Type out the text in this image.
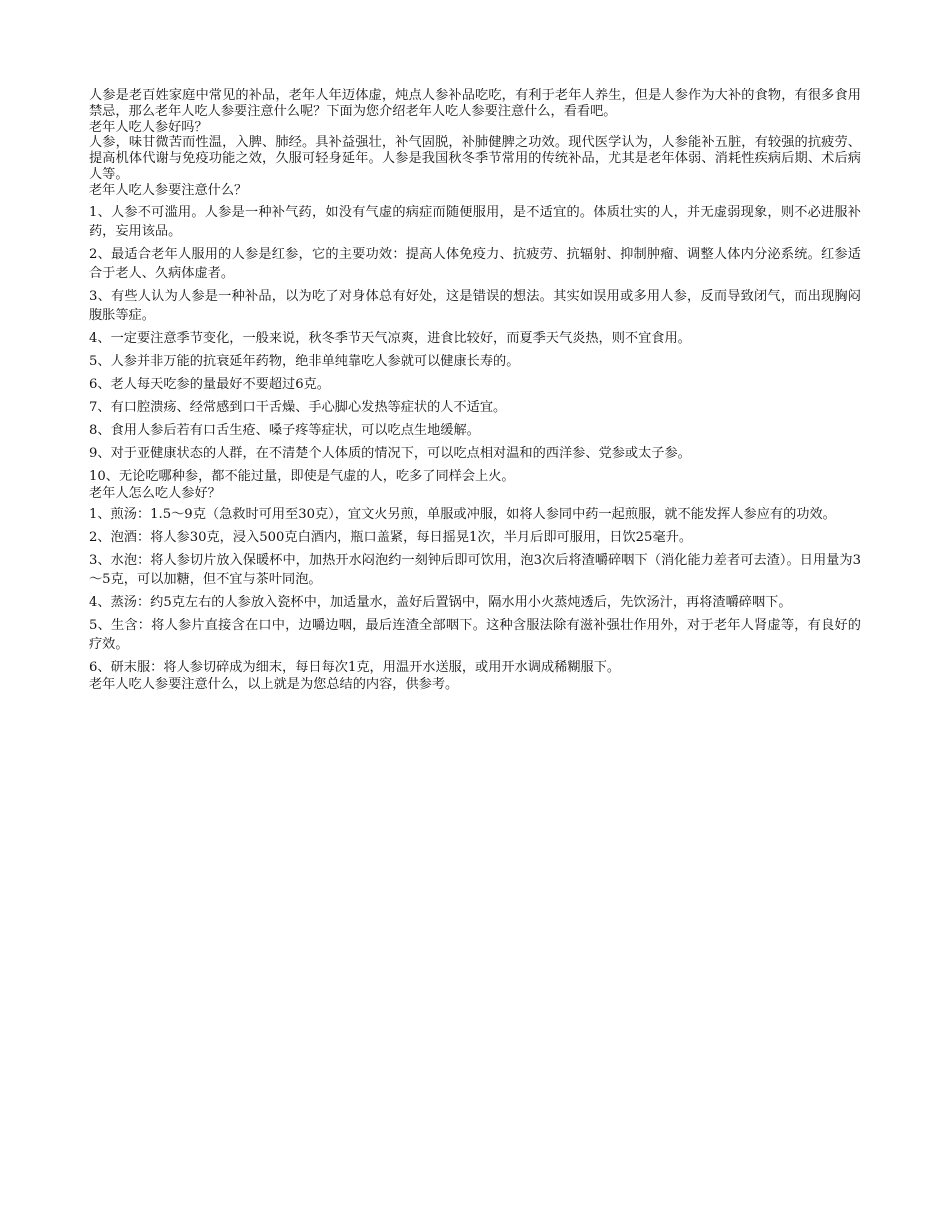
人参是老百姓家庭中常见的补品，老年人年迈体虚，炖点人参补品吃吃，有利于老年人养生，但是人参作为大补的食物，有很多食用禁忌，那么老年人吃人参要注意什么呢？下面为您介绍老年人吃人参要注意什么，看看吧。

老年人吃人参好吗？

人参，味甘微苦而性温，入脾、肺经。具补益强壮，补气固脱，补肺健脾之功效。现代医学认为，人参能补五脏，有较强的抗疲劳、提高机体代谢与免疫功能之效，久服可轻身延年。人参是我国秋冬季节常用的传统补品，尤其是老年体弱、消耗性疾病后期、术后病人等。

老年人吃人参要注意什么？

1、人参不可滥用。人参是一种补气药，如没有气虚的病症而随便服用，是不适宜的。体质壮实的人，并无虚弱现象，则不必进服补药，妄用该品。

2、最适合老年人服用的人参是红参，它的主要功效：提高人体免疫力、抗疲劳、抗辐射、抑制肿瘤、调整人体内分泌系统。红参适合于老人、久病体虚者。

3、有些人认为人参是一种补品，以为吃了对身体总有好处，这是错误的想法。其实如误用或多用人参，反而导致闭气，而出现胸闷腹胀等症。

4、一定要注意季节变化，一般来说，秋冬季节天气凉爽，进食比较好，而夏季天气炎热，则不宜食用。

5、人参并非万能的抗衰延年药物，绝非单纯靠吃人参就可以健康长寿的。

6、老人每天吃参的量最好不要超过6克。

7、有口腔溃疡、经常感到口干舌燥、手心脚心发热等症状的人不适宜。

8、食用人参后若有口舌生疮、嗓子疼等症状，可以吃点生地缓解。

9、对于亚健康状态的人群，在不清楚个人体质的情况下，可以吃点相对温和的西洋参、党参或太子参。

10、无论吃哪种参，都不能过量，即使是气虚的人，吃多了同样会上火。

老年人怎么吃人参好？

1、煎汤：1.5～9克（急救时可用至30克），宜文火另煎，单服或冲服，如将人参同中药一起煎服，就不能发挥人参应有的功效。

2、泡酒：将人参30克，浸入500克白酒内，瓶口盖紧，每日摇晃1次，半月后即可服用，日饮25毫升。

3、水泡：将人参切片放入保暖杯中，加热开水闷泡约一刻钟后即可饮用，泡3次后将渣嚼碎咽下（消化能力差者可去渣）。日用量为3～5克，可以加糖，但不宜与茶叶同泡。

4、蒸汤：约5克左右的人参放入瓷杯中，加适量水，盖好后置锅中，隔水用小火蒸炖透后，先饮汤汁，再将渣嚼碎咽下。

5、生含：将人参片直接含在口中，边嚼边咽，最后连渣全部咽下。这种含服法除有滋补强壮作用外，对于老年人肾虚等，有良好的疗效。

6、研末服：将人参切碎成为细末，每日每次1克，用温开水送服，或用开水调成稀糊服下。

老年人吃人参要注意什么，以上就是为您总结的内容，供参考。
